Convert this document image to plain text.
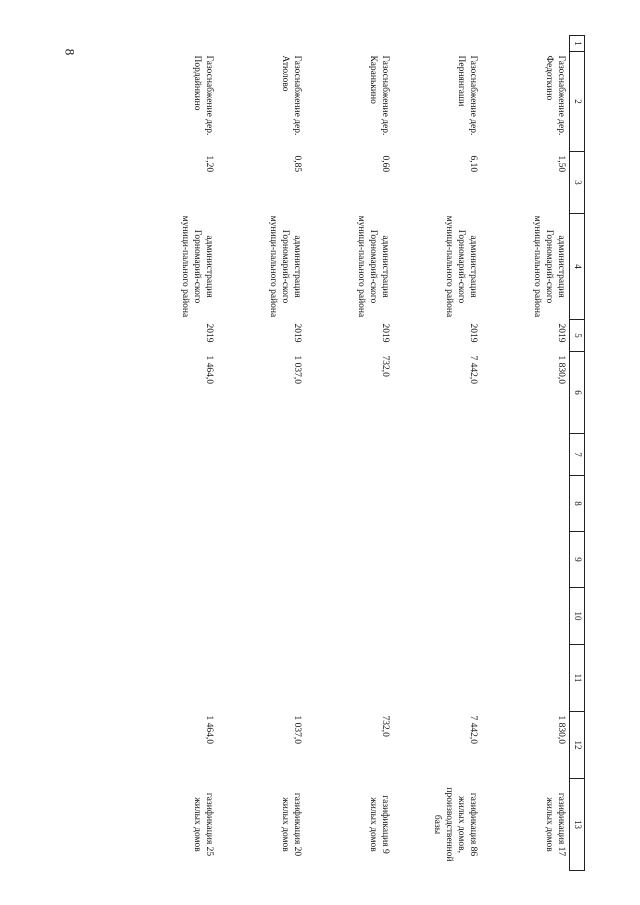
8
1	2	3	4	5	6	7	8	9	10	11	12	13
	Газоснабжение дер. Федоткино	1,50	администрация Горномарий-ского муници-пального района	2019	1 830,0						1 830,0	газификация 17 жилых домов
	Газоснабжение дер. Пернянгаши	6,10	администрация Горномарий-ского муници-пального района	2019	7 442,0						7 442,0	газификация 86 жилых домов, производственной базы
	Газоснабжение дер. Каранькино	0,60	администрация Горномарий-ского муници-пального района	2019	732,0						732,0	газификация 9 жилых домов
	Газоснабжение дер. Атюлово	0,85	администрация Горномарий-ского муници-пального района	2019	1 037,0						1 037,0	газификация 20 жилых домов
	Газоснабжение дер. Пордайнкино	1,20	администрация Горномарий-ского муници-пального района	2019	1 464,0						1 464,0	газификация 25 жилых домов
